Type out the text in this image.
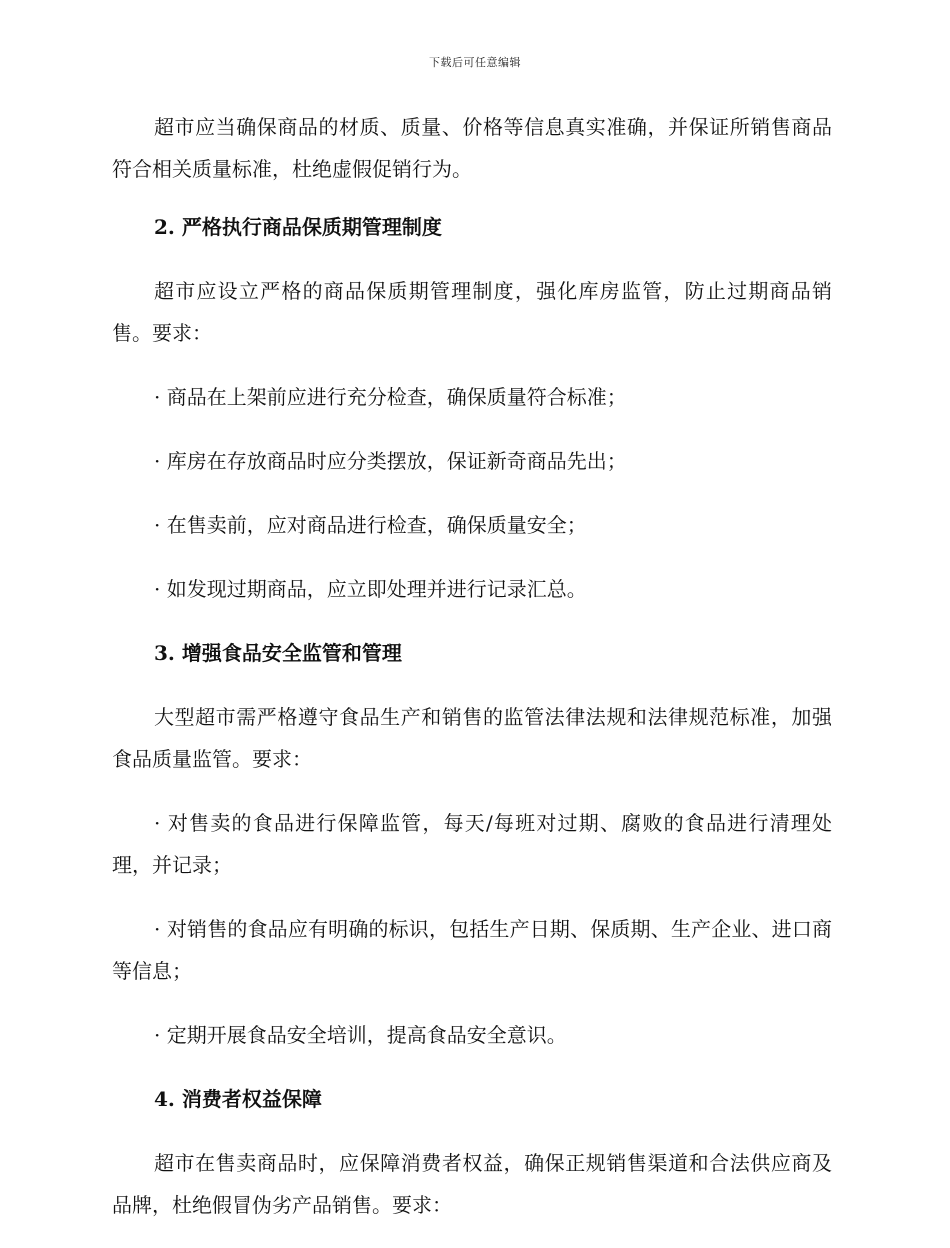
下载后可任意编辑

超市应当确保商品的材质、质量、价格等信息真实准确，并保证所销售商品符合相关质量标准，杜绝虚假促销行为。

2. 严格执行商品保质期管理制度

超市应设立严格的商品保质期管理制度，强化库房监管，防止过期商品销售。要求：

· 商品在上架前应进行充分检查，确保质量符合标准；

· 库房在存放商品时应分类摆放，保证新奇商品先出；

· 在售卖前，应对商品进行检查，确保质量安全；

· 如发现过期商品，应立即处理并进行记录汇总。

3. 增强食品安全监管和管理

大型超市需严格遵守食品生产和销售的监管法律法规和法律规范标准，加强食品质量监管。要求：

· 对售卖的食品进行保障监管，每天/每班对过期、腐败的食品进行清理处理，并记录；

· 对销售的食品应有明确的标识，包括生产日期、保质期、生产企业、进口商等信息；

· 定期开展食品安全培训，提高食品安全意识。

4. 消费者权益保障

超市在售卖商品时，应保障消费者权益，确保正规销售渠道和合法供应商及品牌，杜绝假冒伪劣产品销售。要求：
